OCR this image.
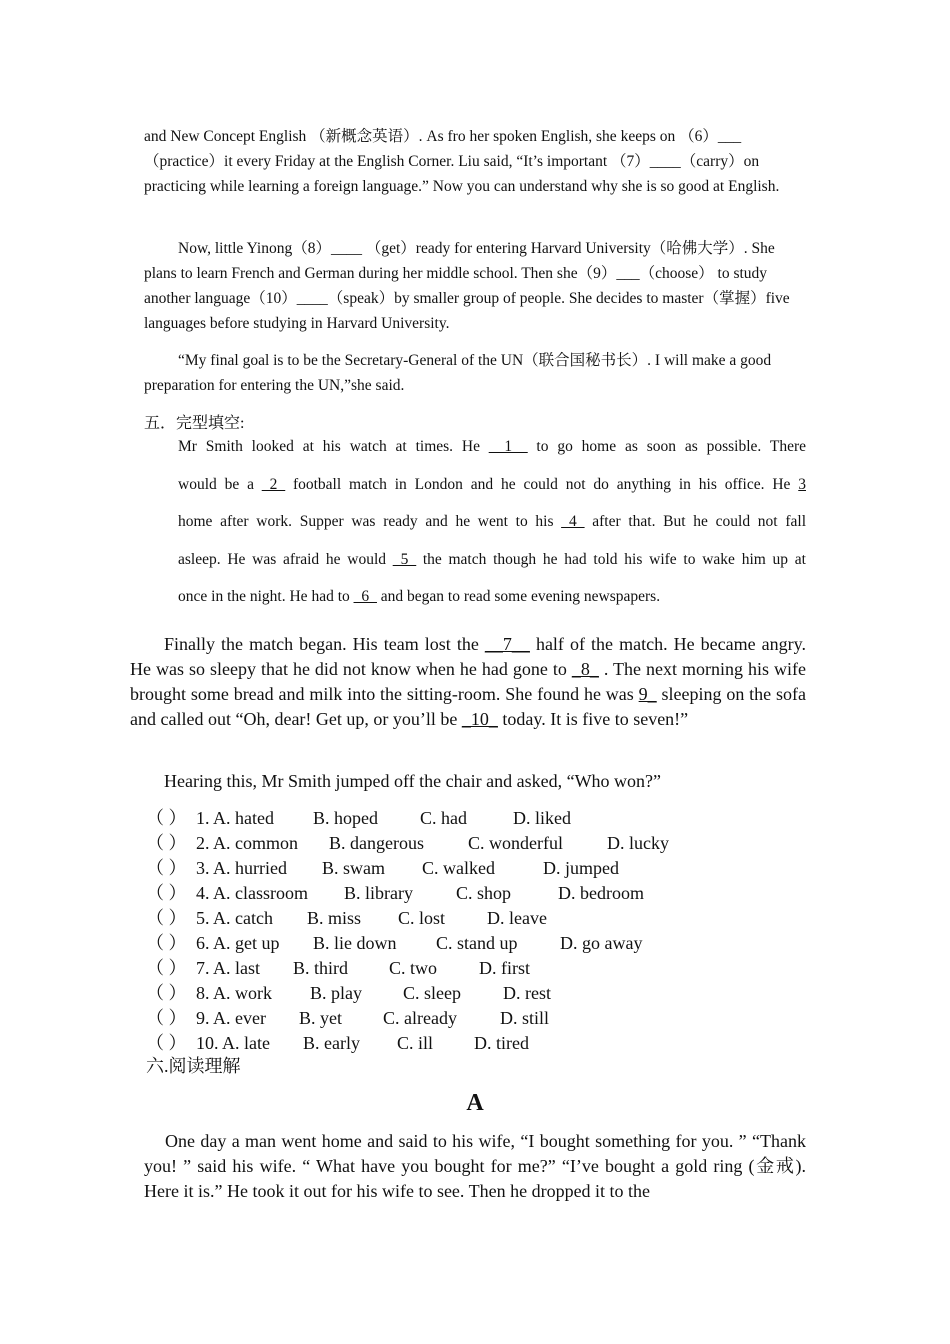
and New Concept English （新概念英语）. As fro her spoken English, she keeps on （6）___（practice）it every Friday at the English Corner. Liu said, “It’s important （7）____（carry）on practicing while learning a foreign language.” Now you can understand why she is so good at English.
Now, little Yinong（8）____ （get）ready for entering Harvard University（哈佛大学）. She plans to learn French and German during her middle school. Then she（9）___（choose） to study another language（10）____（speak）by smaller group of people. She decides to master（掌握）five languages before studying in Harvard University.
“My final goal is to be the Secretary-General of the UN（联合国秘书长）. I will make a good preparation for entering the UN,”she said.
五．完型填空:
Mr Smith looked at his watch at times. He __1__ to go home as soon as possible. There
would be a _2_ football match in London and he could not do anything in his office. He 3
home after work. Supper was ready and he went to his _4_ after that. But he could not fall
asleep. He was afraid he would _5_ the match though he had told his wife to wake him up at
once in the night. He had to _6_ and began to read some evening newspapers.
Finally the match began. His team lost the __7__ half of the match. He became angry. He was so sleepy that he did not know when he had gone to _8_ . The next morning his wife brought some bread and milk into the sitting-room. She found he was 9_ sleeping on the sofa and called out “Oh, dear! Get up, or you’ll be _10_ today. It is five to seven!”
Hearing this, Mr Smith jumped off the chair and asked, “Who won?”
（ ） 1. A. hated B. hoped C. had	D. liked
（ ） 2. A. common B. dangerous C. wonderful D. lucky
（ ） 3. A. hurried B. swam C. walked	D. jumped
（ ） 4. A. classroom B. library C. shop	D. bedroom
（ ） 5. A. catch B. miss C. lost D. leave
（ ） 6. A. get up B. lie down C. stand up D. go away
（ ） 7. A. last B. third C. two D. first
（ ） 8. A. work B. play C. sleep D. rest
（ ） 9. A. ever B. yet C. already D. still
（ ） 10. A. late B. early C. ill D. tired
六.阅读理解
A
One day a man went home and said to his wife, “I bought something for you. ” “Thank you! ” said his wife. “ What have you bought for me?” “I’ve bought a gold ring (金戒). Here it is.” He took it out for his wife to see. Then he dropped it to the
